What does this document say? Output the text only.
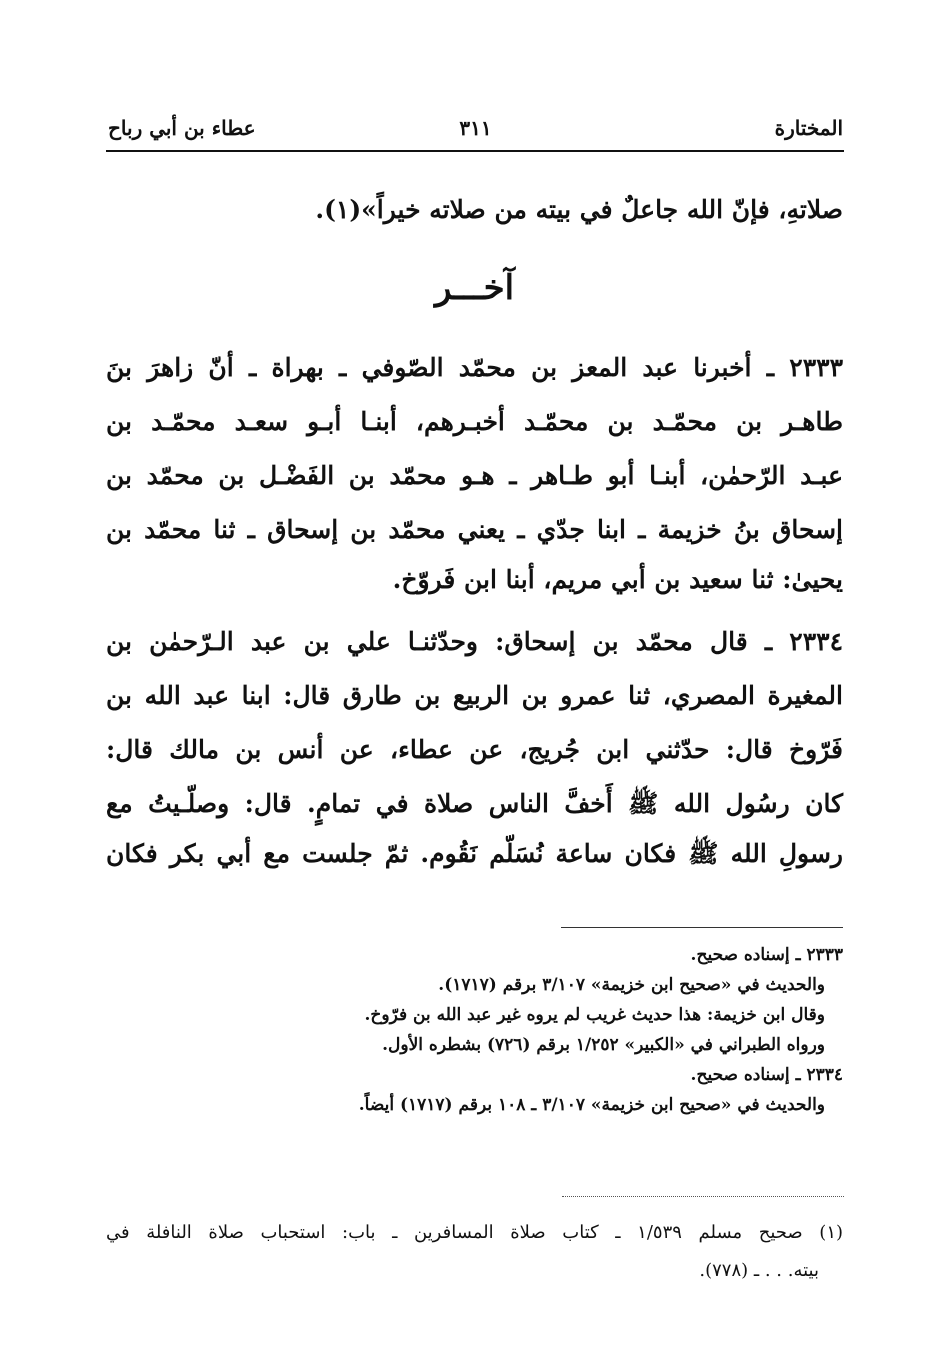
المختارة
٣١١
عطاء بن أبي رباح
صلاتهِ، فإنّ الله جاعلٌ في بيته من صلاته خيراً»(١).
آخـــر
٢٣٣٣ ـ أخبرنا عبد المعز بن محمّد الصّوفي ـ بهراة ـ أنّ زاهرَ بنَ
طاهـر بن محمّـد بن محمّـد أخبـرهم، أبنـا أبـو سعـد محمّـد بن
عبـد الرّحمٰن، أبنـا أبو طـاهر ـ هـو محمّد بن الفَضْـل بن محمّد بن
إسحاق بنُ خزيمة ـ ابنا جدّي ـ يعني محمّد بن إسحاق ـ ثنا محمّد بن
يحيىٰ: ثنا سعيد بن أبي مريم، أبنا ابن فَروّخ.
٢٣٣٤ ـ قال محمّد بن إسحاق: وحدّثنـا علي بن عبد الـرّحمٰن بن
المغيرة المصري، ثنا عمرو بن الربيع بن طارق قال: ابنا عبد الله بن
فَرّوخ قال: حدّثني ابن جُريج، عن عطاء، عن أنس بن مالك قال:
كان رسُول الله ﷺ أَخفَّ الناس صلاة في تمامٍ. قال: وصلّـيتُ مع
رسولِ الله ﷺ فكان ساعة نُسَلّم نَقُوم. ثمّ جلست مع أبي بكر فكان
٢٣٣٣ ـ إسناده صحيح.
والحديث في «صحيح ابن خزيمة» ٣/١٠٧ برقم (١٧١٧).
وقال ابن خزيمة: هذا حديث غريب لم يروه غير عبد الله بن فرّوخ.
ورواه الطبراني في «الكبير» ١/٢٥٢ برقم (٧٢٦) بشطره الأول.
٢٣٣٤ ـ إسناده صحيح.
والحديث في «صحيح ابن خزيمة» ٣/١٠٧ ـ ١٠٨ برقم (١٧١٧) أيضاً.
(١) صحيح مسلم ١/٥٣٩ ـ كتاب صلاة المسافرين ـ باب: استحباب صلاة النافلة في
بيته. . . ـ (٧٧٨).
